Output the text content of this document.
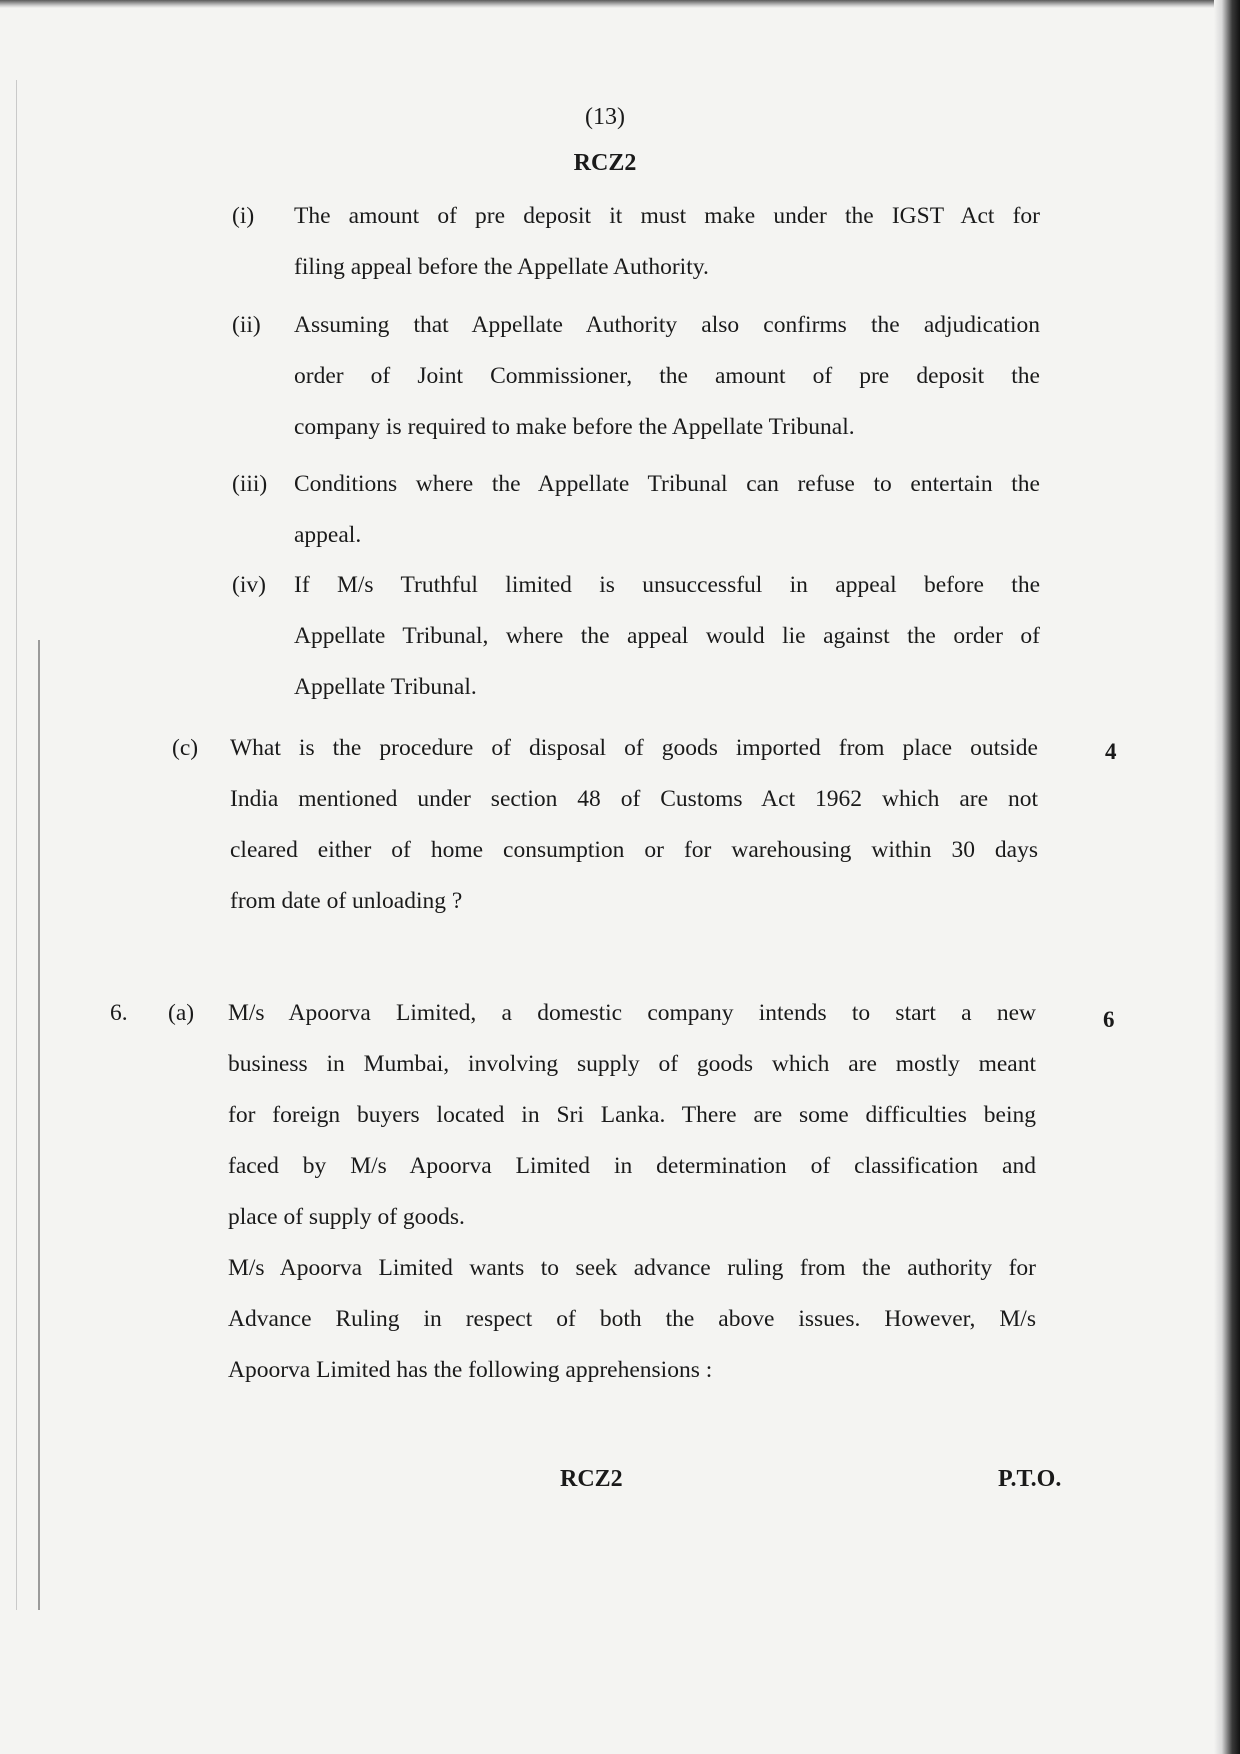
(13)
RCZ2
(i) The amount of pre deposit it must make under the IGST Act for
filing appeal before the Appellate Authority.
(ii) Assuming that Appellate Authority also confirms the adjudication
order of Joint Commissioner, the amount of pre deposit the
company is required to make before the Appellate Tribunal.
(iii) Conditions where the Appellate Tribunal can refuse to entertain the
appeal.
(iv) If M/s Truthful limited is unsuccessful in appeal before the
Appellate Tribunal, where the appeal would lie against the order of
Appellate Tribunal.
(c) What is the procedure of disposal of goods imported from place outside
India mentioned under section 48 of Customs Act 1962 which are not
cleared either of home consumption or for warehousing within 30 days
from date of unloading ?
4
6. (a) M/s Apoorva Limited, a domestic company intends to start a new
business in Mumbai, involving supply of goods which are mostly meant
for foreign buyers located in Sri Lanka. There are some difficulties being
faced by M/s Apoorva Limited in determination of classification and
place of supply of goods.
M/s Apoorva Limited wants to seek advance ruling from the authority for
Advance Ruling in respect of both the above issues. However, M/s
Apoorva Limited has the following apprehensions :
6
RCZ2	P.T.O.
